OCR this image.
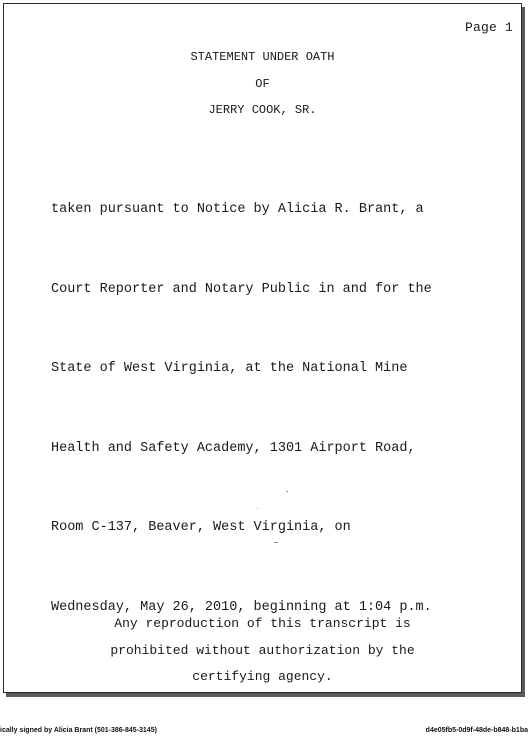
Page 1
STATEMENT UNDER OATH
OF
JERRY COOK, SR.

taken pursuant to Notice by Alicia R. Brant, a

Court Reporter and Notary Public in and for the

State of West Virginia, at the National Mine

Health and Safety Academy, 1301 Airport Road,

Room C-137, Beaver, West Virginia, on

Wednesday, May 26, 2010, beginning at 1:04 p.m.

Any reproduction of this transcript is
prohibited without authorization by the
certifying agency.
ically signed by Alicia Brant (501-386-845-3145)	d4e05fb5-0d9f-48de-b848-b1ba
